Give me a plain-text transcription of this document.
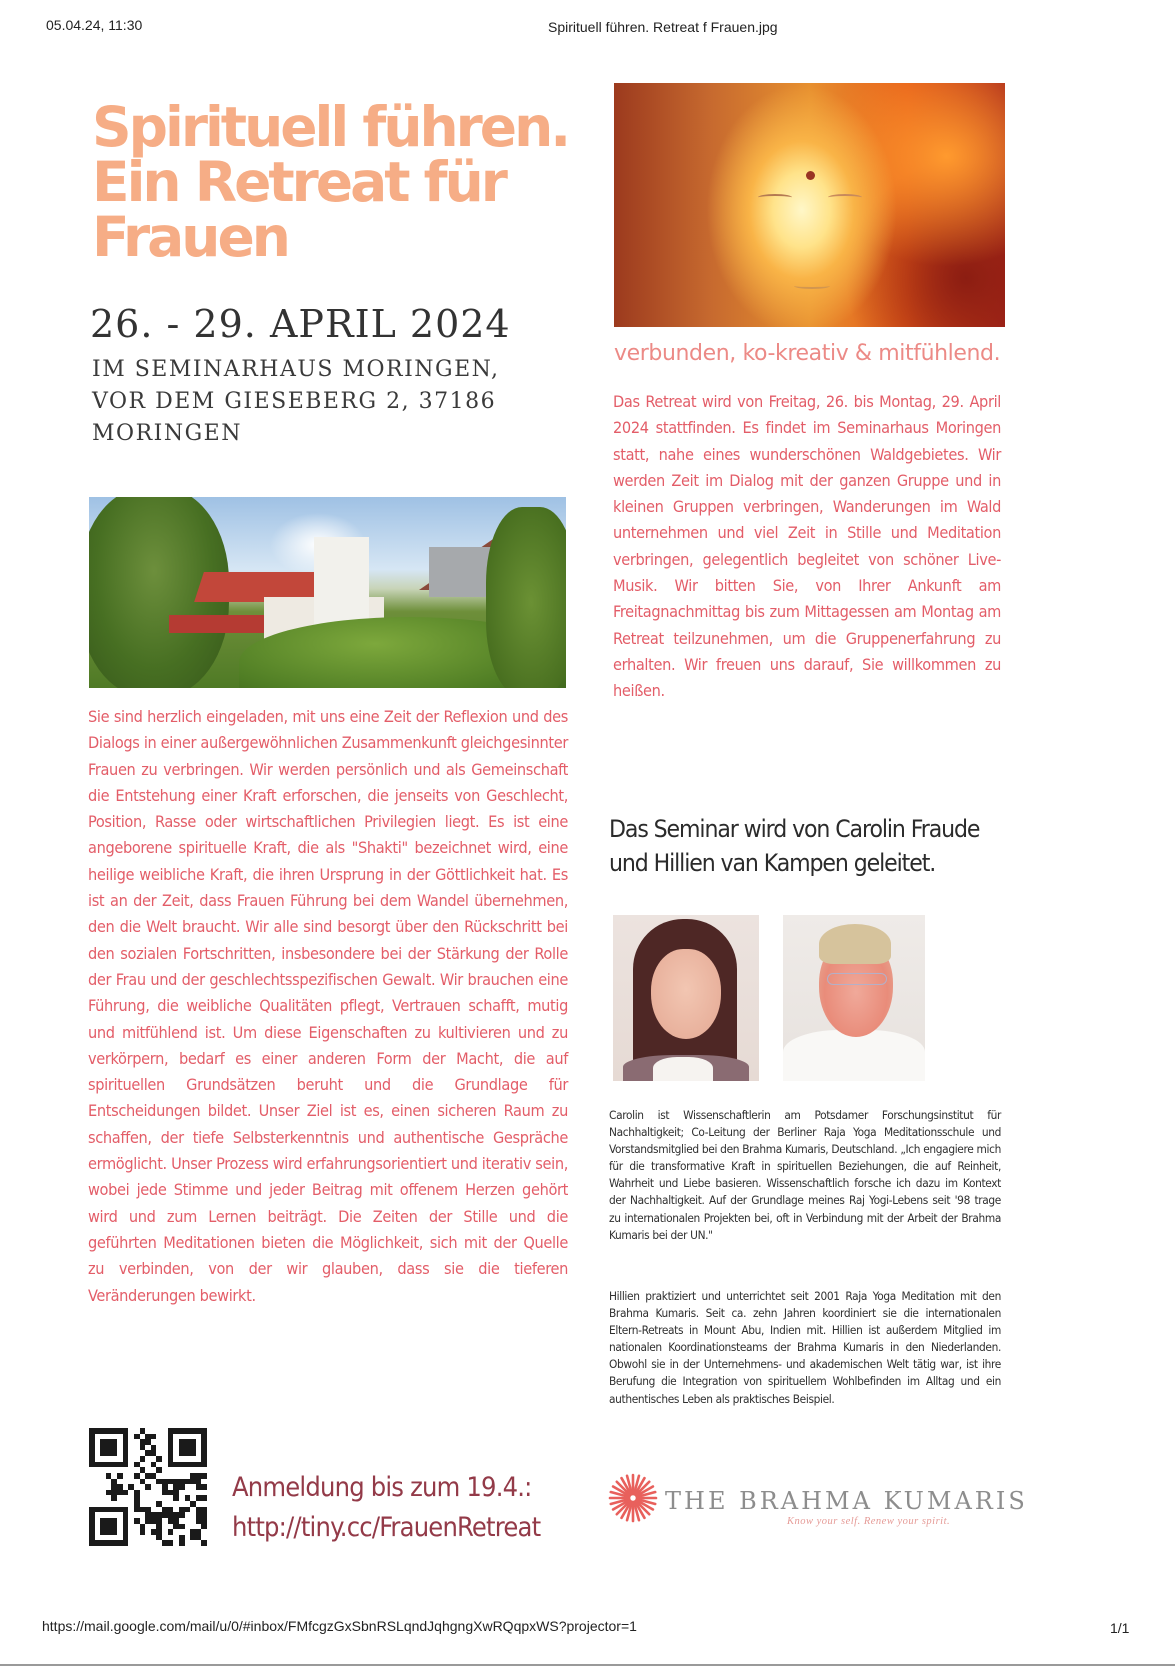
05.04.24, 11:30	Spirituell führen. Retreat f Frauen.jpg
Spirituell führen.
Ein Retreat für
Frauen
26. - 29. APRIL 2024
IM SEMINARHAUS MORINGEN,
VOR DEM GIESEBERG 2, 37186
MORINGEN
verbunden, ko-kreativ & mitfühlend.
Das Retreat wird von Freitag, 26. bis Montag, 29. April 2024 stattfinden. Es findet im Seminarhaus Moringen statt, nahe eines wunderschönen Waldgebietes. Wir werden Zeit im Dialog mit der ganzen Gruppe und in kleinen Gruppen verbringen, Wanderungen im Wald unternehmen und viel Zeit in Stille und Meditation verbringen, gelegentlich begleitet von schöner Live-Musik. Wir bitten Sie, von Ihrer Ankunft am Freitagnachmittag bis zum Mittagessen am Montag am Retreat teilzunehmen, um die Gruppenerfahrung zu erhalten. Wir freuen uns darauf, Sie willkommen zu heißen.
Sie sind herzlich eingeladen, mit uns eine Zeit der Reflexion und des Dialogs in einer außergewöhnlichen Zusammenkunft gleichgesinnter Frauen zu verbringen. Wir werden persönlich und als Gemeinschaft die Entstehung einer Kraft erforschen, die jenseits von Geschlecht, Position, Rasse oder wirtschaftlichen Privilegien liegt. Es ist eine angeborene spirituelle Kraft, die als "Shakti" bezeichnet wird, eine heilige weibliche Kraft, die ihren Ursprung in der Göttlichkeit hat. Es ist an der Zeit, dass Frauen Führung bei dem Wandel übernehmen, den die Welt braucht. Wir alle sind besorgt über den Rückschritt bei den sozialen Fortschritten, insbesondere bei der Stärkung der Rolle der Frau und der geschlechtsspezifischen Gewalt. Wir brauchen eine Führung, die weibliche Qualitäten pflegt, Vertrauen schafft, mutig und mitfühlend ist. Um diese Eigenschaften zu kultivieren und zu verkörpern, bedarf es einer anderen Form der Macht, die auf spirituellen Grundsätzen beruht und die Grundlage für Entscheidungen bildet. Unser Ziel ist es, einen sicheren Raum zu schaffen, der tiefe Selbsterkenntnis und authentische Gespräche ermöglicht. Unser Prozess wird erfahrungsorientiert und iterativ sein, wobei jede Stimme und jeder Beitrag mit offenem Herzen gehört wird und zum Lernen beiträgt. Die Zeiten der Stille und die geführten Meditationen bieten die Möglichkeit, sich mit der Quelle zu verbinden, von der wir glauben, dass sie die tieferen Veränderungen bewirkt.
Das Seminar wird von Carolin Fraude und Hillien van Kampen geleitet.
Carolin ist Wissenschaftlerin am Potsdamer Forschungsinstitut für Nachhaltigkeit; Co-Leitung der Berliner Raja Yoga Meditationsschule und Vorstandsmitglied bei den Brahma Kumaris, Deutschland. „Ich engagiere mich für die transformative Kraft in spirituellen Beziehungen, die auf Reinheit, Wahrheit und Liebe basieren. Wissenschaftlich forsche ich dazu im Kontext der Nachhaltigkeit. Auf der Grundlage meines Raj Yogi-Lebens seit '98 trage zu internationalen Projekten bei, oft in Verbindung mit der Arbeit der Brahma Kumaris bei der UN."
Hillien praktiziert und unterrichtet seit 2001 Raja Yoga Meditation mit den Brahma Kumaris. Seit ca. zehn Jahren koordiniert sie die internationalen Eltern-Retreats in Mount Abu, Indien mit. Hillien ist außerdem Mitglied im nationalen Koordinationsteams der Brahma Kumaris in den Niederlanden. Obwohl sie in der Unternehmens- und akademischen Welt tätig war, ist ihre Berufung die Integration von spirituellem Wohlbefinden im Alltag und ein authentisches Leben als praktisches Beispiel.
Anmeldung bis zum 19.4.:
http://tiny.cc/FrauenRetreat
THE BRAHMA KUMARIS
Know your self. Renew your spirit.
https://mail.google.com/mail/u/0/#inbox/FMfcgzGxSbnRSLqndJqhgngXwRQqpxWS?projector=1	1/1
